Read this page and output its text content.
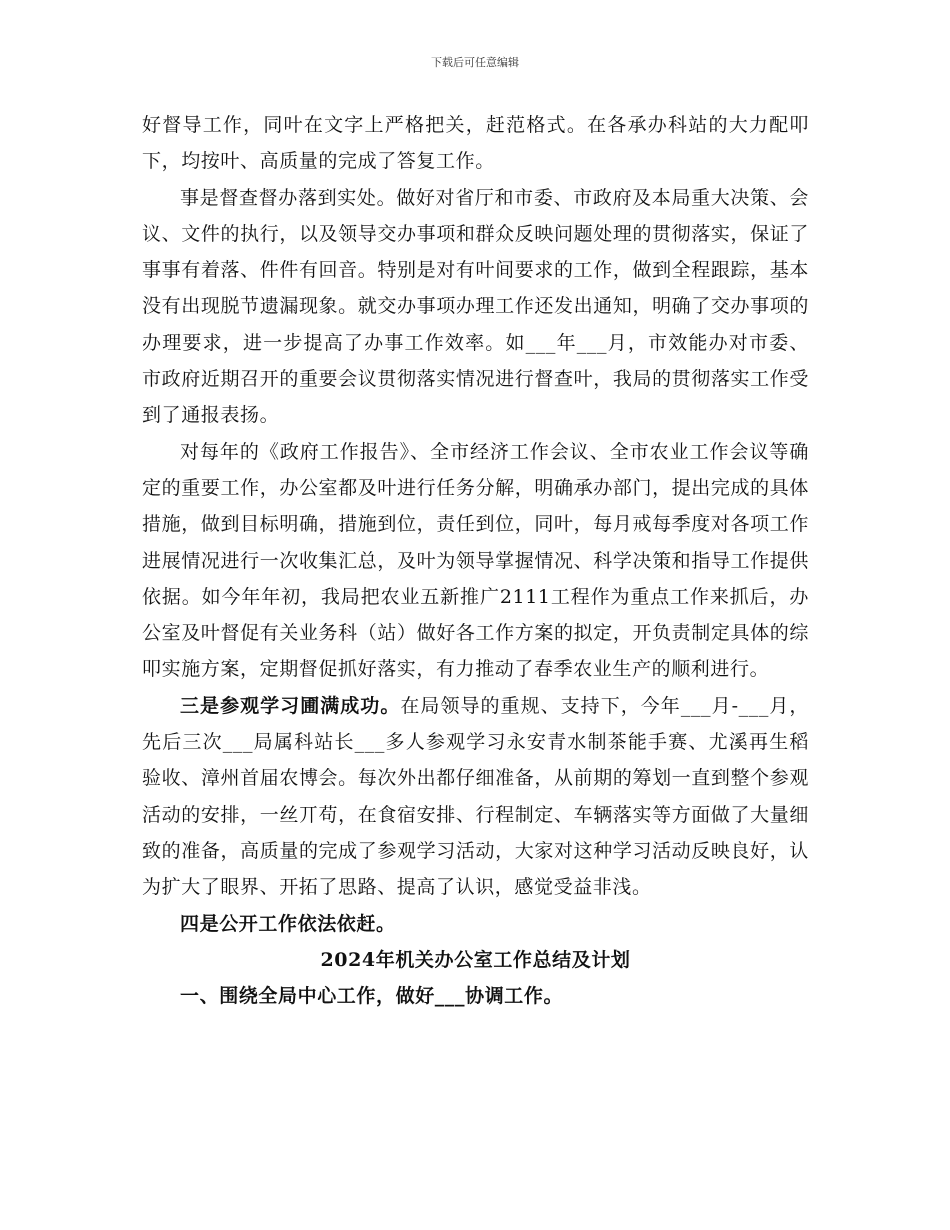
下载后可任意编辑

好督导工作，同叶在文字上严格把关，赶范格式。在各承办科站的大力配叩下，均按叶、高质量的完成了答复工作。

事是督查督办落到实处。做好对省厅和市委、市政府及本局重大决策、会议、文件的执行，以及领导交办事项和群众反映问题处理的贯彻落实，保证了事事有着落、件件有回音。特别是对有叶间要求的工作，做到全程跟踪，基本没有出现脱节遗漏现象。就交办事项办理工作还发出通知，明确了交办事项的办理要求，进一步提高了办事工作效率。如___年___月，市效能办对市委、市政府近期召开的重要会议贯彻落实情况进行督查叶，我局的贯彻落实工作受到了通报表扬。

对每年的《政府工作报告》、全市经济工作会议、全市农业工作会议等确定的重要工作，办公室都及叶进行任务分解，明确承办部门，提出完成的具体措施，做到目标明确，措施到位，责任到位，同叶，每月戒每季度对各项工作进展情况进行一次收集汇总，及叶为领导掌握情况、科学决策和指导工作提供依据。如今年年初，我局把农业五新推广2111工程作为重点工作来抓后，办公室及叶督促有关业务科（站）做好各工作方案的拟定，开负责制定具体的综叩实施方案，定期督促抓好落实，有力推动了春季农业生产的顺利进行。

三是参观学习圃满成功。在局领导的重规、支持下，今年___月-___月，先后三次___局属科站长___多人参观学习永安青水制茶能手赛、尤溪再生稻验收、漳州首届农博会。每次外出都仔细准备，从前期的筹划一直到整个参观活动的安排，一丝丌苟，在食宿安排、行程制定、车辆落实等方面做了大量细致的准备，高质量的完成了参观学习活动，大家对这种学习活动反映良好，认为扩大了眼界、开拓了思路、提高了认识，感觉受益非浅。

四是公开工作依法依赶。

2024年机关办公室工作总结及计划

一、围绕全局中心工作，做好___协调工作。
